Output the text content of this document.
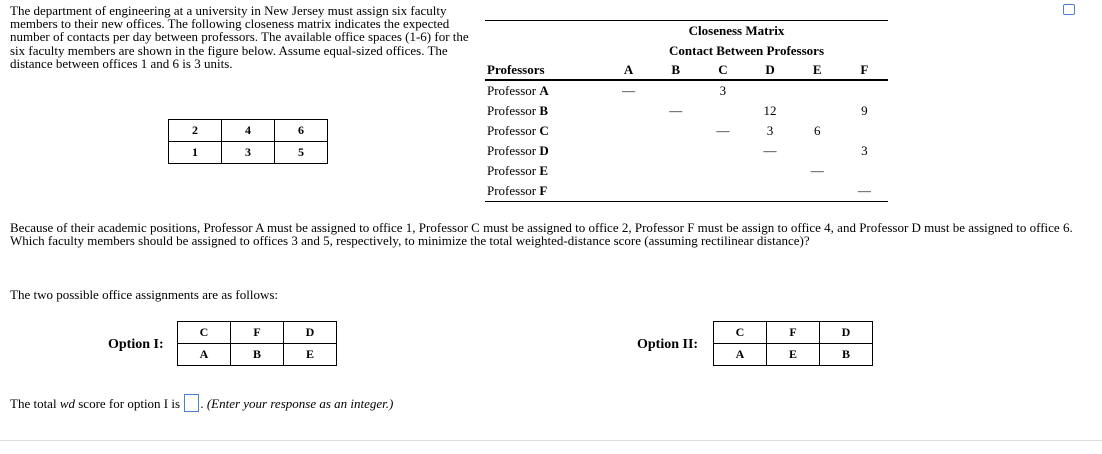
The department of engineering at a university in New Jersey must assign six faculty members to their new offices. The following closeness matrix indicates the expected number of contacts per day between professors. The available office spaces (1-6) for the six faculty members are shown in the figure below. Assume equal-sized offices. The distance between offices 1 and 6 is 3 units.
Closeness Matrix						
	Contact Between Professors					
Professors	A	B	C	D	E	F
Professor A	—		3			
Professor B		—		12		9
Professor C			—	3	6	
Professor D				—		3
Professor E					—	
Professor F						—
2	4	6
1	3	5
Because of their academic positions, Professor A must be assigned to office 1, Professor C must be assigned to office 2, Professor F must be assign to office 4, and Professor D must be assigned to office 6. Which faculty members should be assigned to offices 3 and 5, respectively, to minimize the total weighted-distance score (assuming rectilinear distance)?
The two possible office assignments are as follows:
Option I:
C	F	D
A	B	E
Option II:
C	F	D
A	E	B
The total wd score for option I is . (Enter your response as an integer.)
